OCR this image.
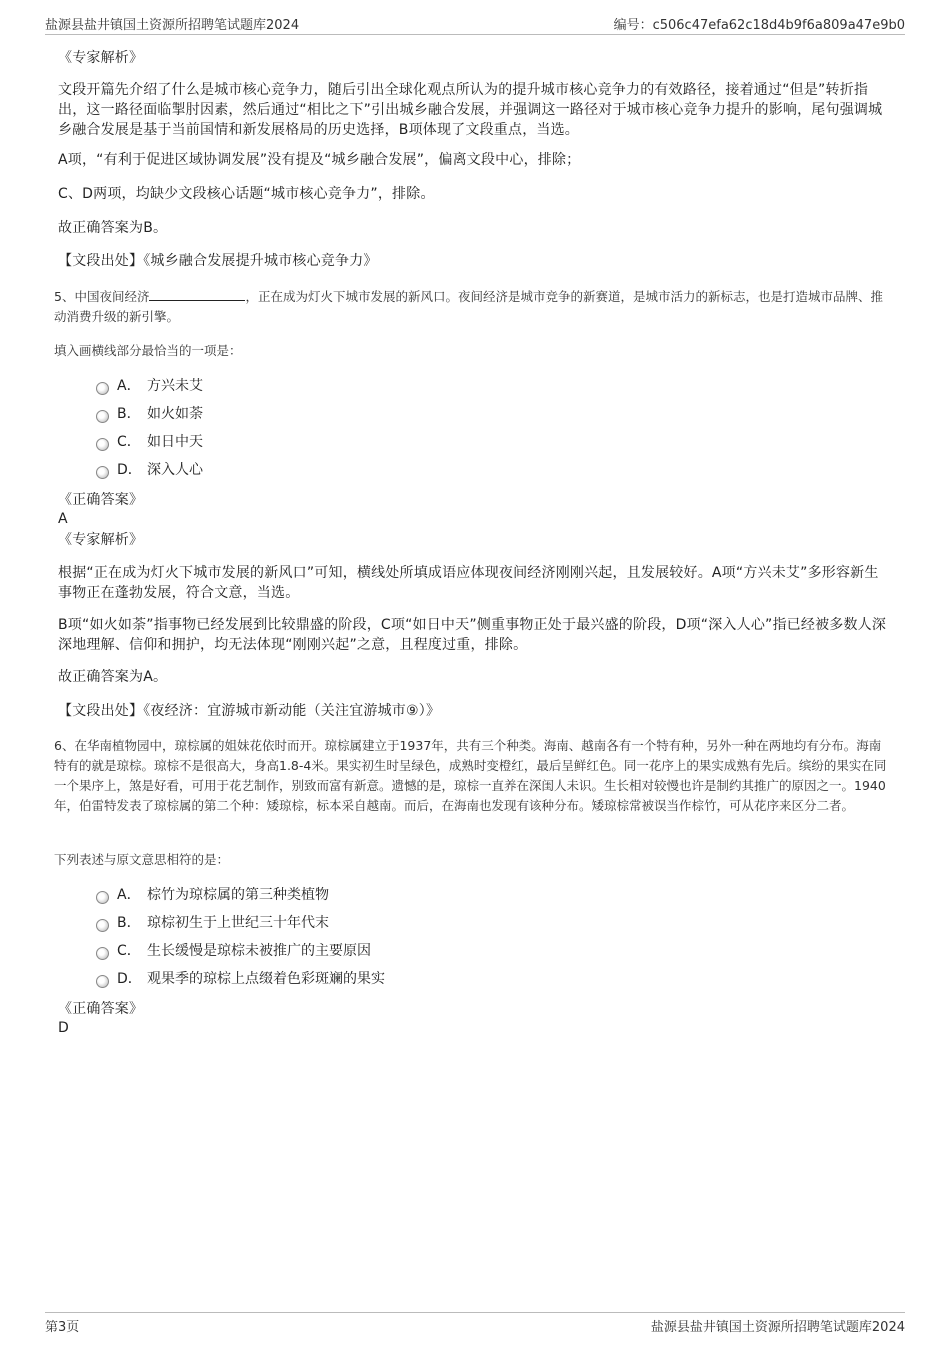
盐源县盐井镇国土资源所招聘笔试题库2024	编号：c506c47efa62c18d4b9f6a809a47e9b0
《专家解析》
文段开篇先介绍了什么是城市核心竞争力，随后引出全球化观点所认为的提升城市核心竞争力的有效路径，接着通过“但是”转折指出，这一路径面临掣肘因素，然后通过“相比之下”引出城乡融合发展，并强调这一路径对于城市核心竞争力提升的影响，尾句强调城乡融合发展是基于当前国情和新发展格局的历史选择，B项体现了文段重点，当选。
A项，“有利于促进区域协调发展”没有提及“城乡融合发展”，偏离文段中心，排除；
C、D两项，均缺少文段核心话题“城市核心竞争力”，排除。
故正确答案为B。
【文段出处】《城乡融合发展提升城市核心竞争力》
5、中国夜间经济	，正在成为灯火下城市发展的新风口。夜间经济是城市竞争的新赛道，是城市活力的新标志，也是打造城市品牌、推动消费升级的新引擎。
填入画横线部分最恰当的一项是：
A． 方兴未艾
B． 如火如荼
C． 如日中天
D． 深入人心
《正确答案》
A
《专家解析》
根据“正在成为灯火下城市发展的新风口”可知，横线处所填成语应体现夜间经济刚刚兴起，且发展较好。A项“方兴未艾”多形容新生事物正在蓬勃发展，符合文意，当选。
B项“如火如荼”指事物已经发展到比较鼎盛的阶段，C项“如日中天”侧重事物正处于最兴盛的阶段，D项“深入人心”指已经被多数人深深地理解、信仰和拥护，均无法体现“刚刚兴起”之意，且程度过重，排除。
故正确答案为A。
【文段出处】《夜经济：宜游城市新动能（关注宜游城市⑨）》
6、在华南植物园中，琼棕属的姐妹花依时而开。琼棕属建立于1937年，共有三个种类。海南、越南各有一个特有种，另外一种在两地均有分布。海南特有的就是琼棕。琼棕不是很高大，身高1.8-4米。果实初生时呈绿色，成熟时变橙红，最后呈鲜红色。同一花序上的果实成熟有先后。缤纷的果实在同一个果序上，煞是好看，可用于花艺制作，别致而富有新意。遗憾的是，琼棕一直养在深闺人未识。生长相对较慢也许是制约其推广的原因之一。1940年，伯雷特发表了琼棕属的第二个种：矮琼棕，标本采自越南。而后，在海南也发现有该种分布。矮琼棕常被误当作棕竹，可从花序来区分二者。
下列表述与原文意思相符的是：
A． 棕竹为琼棕属的第三种类植物
B． 琼棕初生于上世纪三十年代末
C． 生长缓慢是琼棕未被推广的主要原因
D． 观果季的琼棕上点缀着色彩斑斓的果实
《正确答案》
D
第3页	盐源县盐井镇国土资源所招聘笔试题库2024
